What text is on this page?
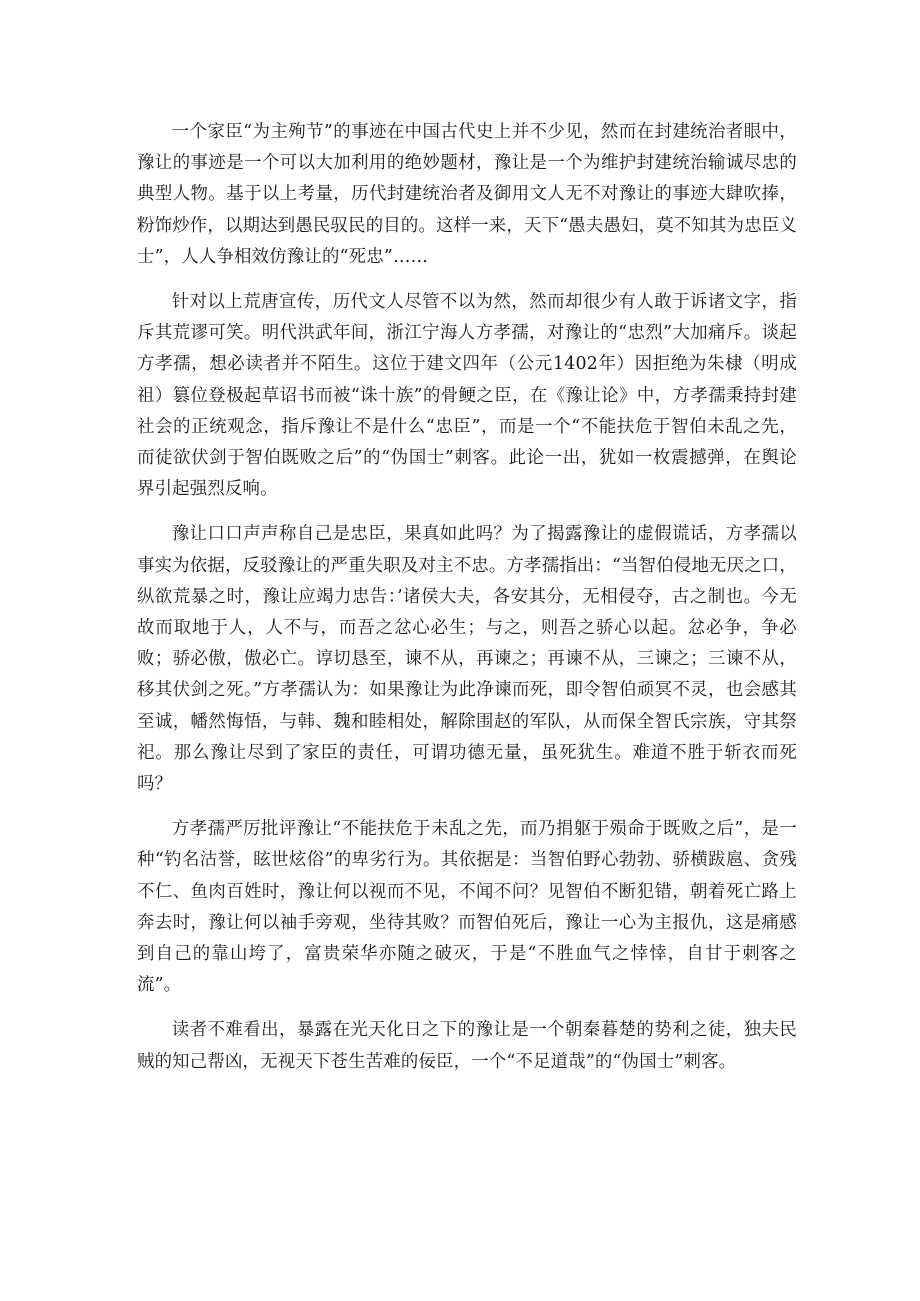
一个家臣“为主殉节”的事迹在中国古代史上并不少见，然而在封建统治者眼中，豫让的事迹是一个可以大加利用的绝妙题材，豫让是一个为维护封建统治输诚尽忠的典型人物。基于以上考量，历代封建统治者及御用文人无不对豫让的事迹大肆吹捧，粉饰炒作，以期达到愚民驭民的目的。这样一来，天下“愚夫愚妇，莫不知其为忠臣义士”，人人争相效仿豫让的“死忠”……

针对以上荒唐宣传，历代文人尽管不以为然，然而却很少有人敢于诉诸文字，指斥其荒谬可笑。明代洪武年间，浙江宁海人方孝孺，对豫让的“忠烈”大加痛斥。谈起方孝孺，想必读者并不陌生。这位于建文四年（公元1402年）因拒绝为朱棣（明成祖）篡位登极起草诏书而被“诛十族”的骨鲠之臣，在《豫让论》中，方孝孺秉持封建社会的正统观念，指斥豫让不是什么“忠臣”，而是一个“不能扶危于智伯未乱之先，而徒欲伏剑于智伯既败之后”的“伪国士”刺客。此论一出，犹如一枚震撼弹，在舆论界引起强烈反响。

豫让口口声声称自己是忠臣，果真如此吗？为了揭露豫让的虚假谎话，方孝孺以事实为依据，反驳豫让的严重失职及对主不忠。方孝孺指出：“当智伯侵地无厌之口，纵欲荒暴之时，豫让应竭力忠告：’诸侯大夫，各安其分，无相侵夺，古之制也。今无故而取地于人，人不与，而吾之忿心必生；与之，则吾之骄心以起。忿必争，争必败；骄必傲，傲必亡。谆切恳至，谏不从，再谏之；再谏不从，三谏之；三谏不从，移其伏剑之死。”方孝孺认为：如果豫让为此净谏而死，即令智伯顽冥不灵，也会感其至诚，幡然悔悟，与韩、魏和睦相处，解除围赵的军队，从而保全智氏宗族，守其祭祀。那么豫让尽到了家臣的责任，可谓功德无量，虽死犹生。难道不胜于斩衣而死吗？

方孝孺严厉批评豫让“不能扶危于未乱之先，而乃捐躯于殒命于既败之后”，是一种“钓名沽誉，眩世炫俗”的卑劣行为。其依据是：当智伯野心勃勃、骄横跋扈、贪残不仁、鱼肉百姓时，豫让何以视而不见，不闻不问？见智伯不断犯错，朝着死亡路上奔去时，豫让何以袖手旁观，坐待其败？而智伯死后，豫让一心为主报仇，这是痛感到自己的靠山垮了，富贵荣华亦随之破灭，于是“不胜血气之悻悻，自甘于刺客之流”。

读者不难看出，暴露在光天化日之下的豫让是一个朝秦暮楚的势利之徒，独夫民贼的知己帮凶，无视天下苍生苦难的佞臣，一个“不足道哉”的“伪国士”刺客。
